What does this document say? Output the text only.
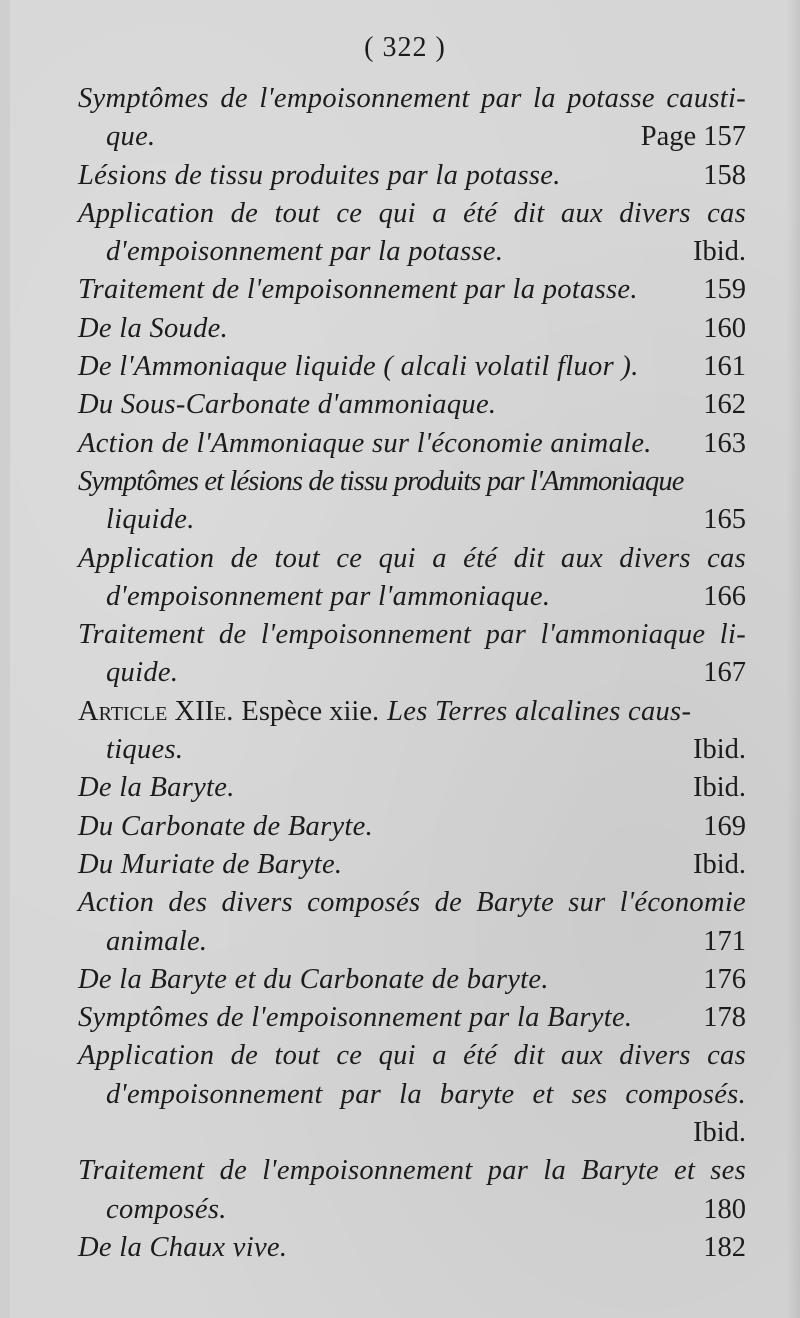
( 322 )
Symptômes de l'empoisonnement par la potasse causti-
que.	Page 157
Lésions de tissu produites par la potasse.	158
Application de tout ce qui a été dit aux divers cas
d'empoisonnement par la potasse.	Ibid.
Traitement de l'empoisonnement par la potasse. 159
De la Soude.	160
De l'Ammoniaque liquide ( alcali volatil fluor ). 161
Du Sous-Carbonate d'ammoniaque.	162
Action de l'Ammoniaque sur l'économie animale. 163
Symptômes et lésions de tissu produits par l'Ammoniaque
liquide.	165
Application de tout ce qui a été dit aux divers cas
d'empoisonnement par l'ammoniaque.	166
Traitement de l'empoisonnement par l'ammoniaque li-
quide.	167
Article XIIe. Espèce xiie. Les Terres alcalines caus-
tiques.	Ibid.
De la Baryte.	Ibid.
Du Carbonate de Baryte.	169
Du Muriate de Baryte.	Ibid.
Action des divers composés de Baryte sur l'économie
animale.	171
De la Baryte et du Carbonate de baryte.	176
Symptômes de l'empoisonnement par la Baryte. 178
Application de tout ce qui a été dit aux divers cas
d'empoisonnement par la baryte et ses composés.
Ibid.
Traitement de l'empoisonnement par la Baryte et ses
composés.	180
De la Chaux vive.	182
